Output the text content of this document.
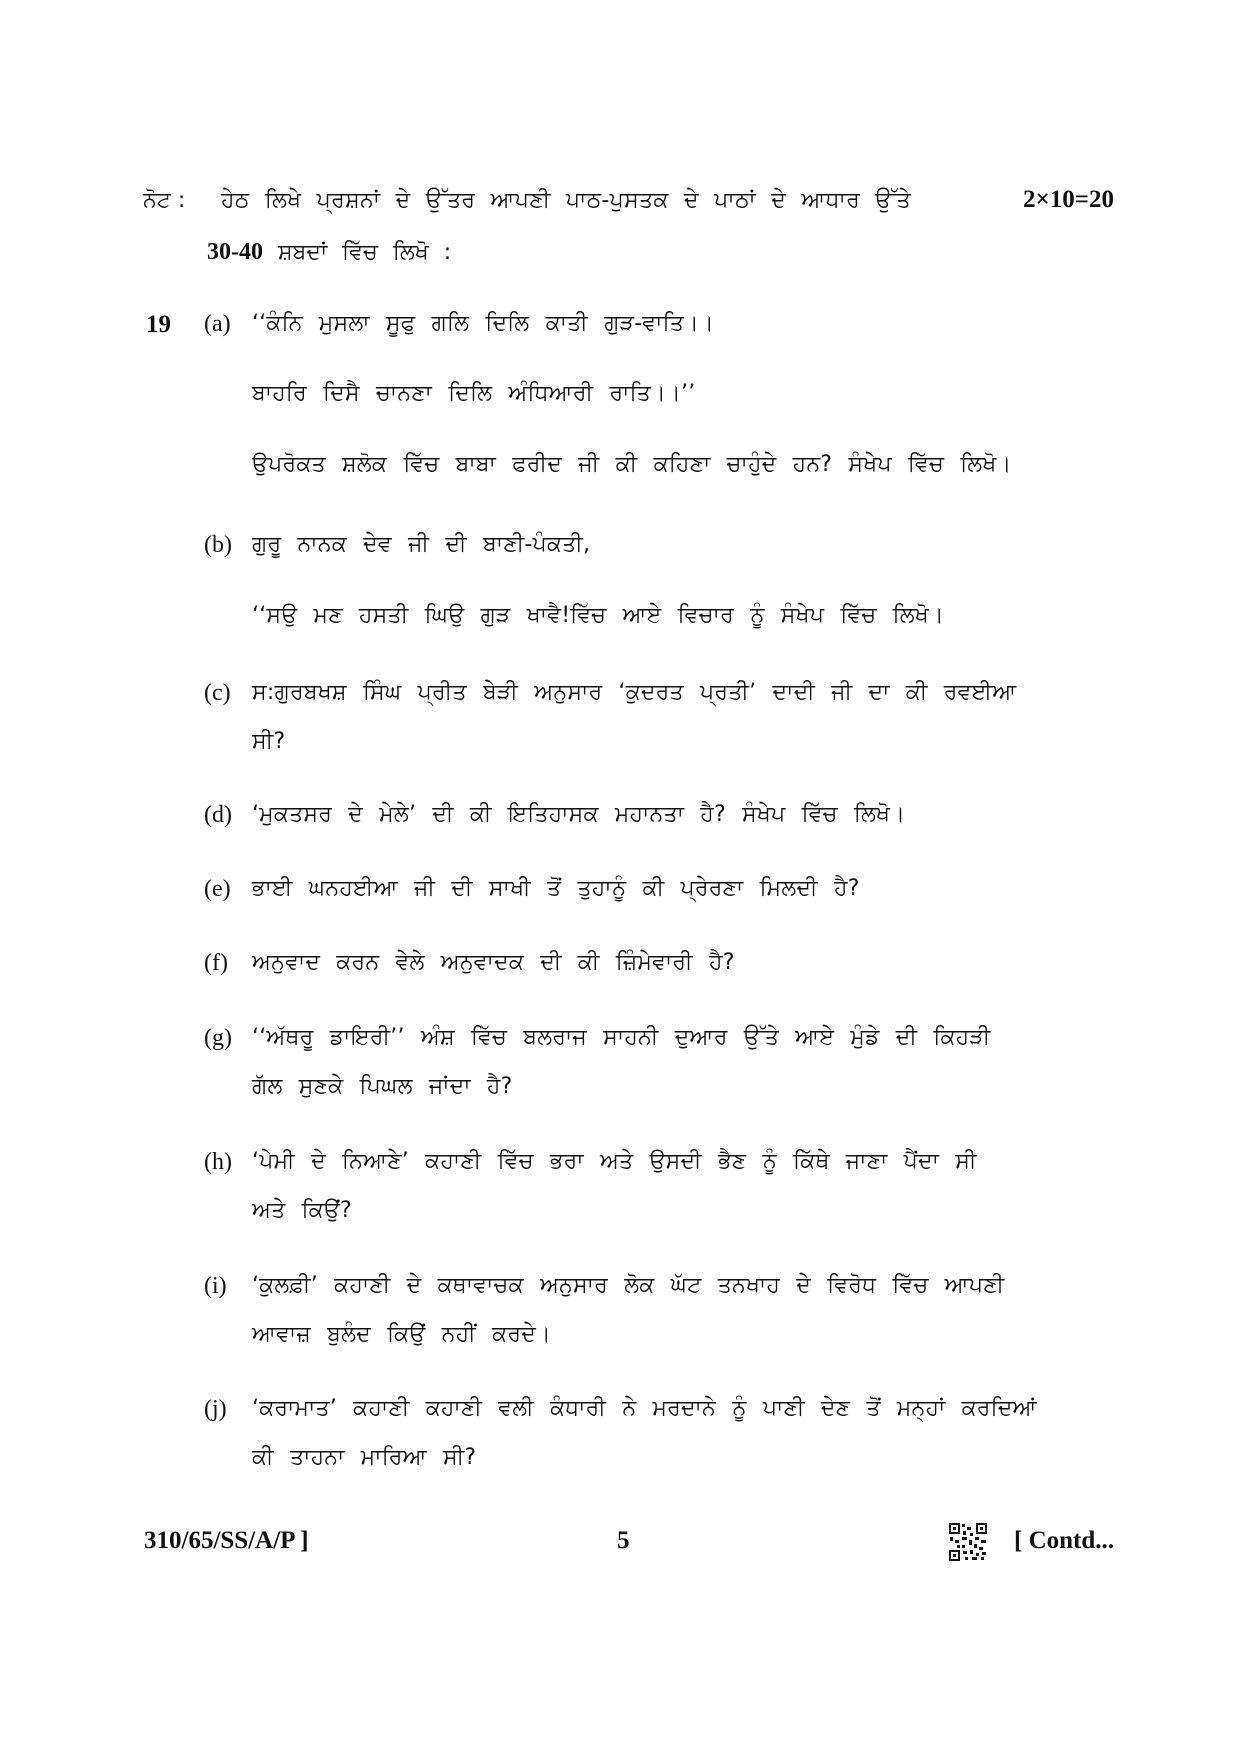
ਨੋਟ : ਹੇਠ ਲਿਖੇ ਪ੍ਰਸ਼ਨਾਂ ਦੇ ਉੱਤਰ ਆਪਣੀ ਪਾਠ-ਪੁਸਤਕ ਦੇ ਪਾਠਾਂ ਦੇ ਆਧਾਰ ਉੱਤੇ	2×10=20
30-40 ਸ਼ਬਦਾਂ ਵਿੱਚ ਲਿਖੋ :
19 (a) ‘‘ਕੰਨਿ ਮੁਸਲਾ ਸੂਫੁ ਗਲਿ ਦਿਲਿ ਕਾਤੀ ਗੁੜ-ਵਾਤਿ।।
ਬਾਹਰਿ ਦਿਸੈ ਚਾਨਣਾ ਦਿਲਿ ਅੰਧਿਆਰੀ ਰਾਤਿ।।’’
ਉਪਰੋਕਤ ਸ਼ਲੋਕ ਵਿੱਚ ਬਾਬਾ ਫਰੀਦ ਜੀ ਕੀ ਕਹਿਣਾ ਚਾਹੁੰਦੇ ਹਨ? ਸੰਖੇਪ ਵਿੱਚ ਲਿਖੋ।
(b) ਗੁਰੂ ਨਾਨਕ ਦੇਵ ਜੀ ਦੀ ਬਾਣੀ-ਪੰਕਤੀ,
‘‘ਸਉ ਮਣ ਹਸਤੀ ਘਿਉ ਗੁੜ ਖਾਵੈ!ਵਿੱਚ ਆਏ ਵਿਚਾਰ ਨੂੰ ਸੰਖੇਪ ਵਿੱਚ ਲਿਖੋ।
(c) ਸ:ਗੁਰਬਖਸ਼ ਸਿੰਘ ਪ੍ਰੀਤ ਬੇੜੀ ਅਨੁਸਾਰ ‘ਕੁਦਰਤ ਪ੍ਰਤੀ’ ਦਾਦੀ ਜੀ ਦਾ ਕੀ ਰਵਈਆ
ਸੀ?
(d) ‘ਮੁਕਤਸਰ ਦੇ ਮੇਲੇ’ ਦੀ ਕੀ ਇਤਿਹਾਸਕ ਮਹਾਨਤਾ ਹੈ? ਸੰਖੇਪ ਵਿੱਚ ਲਿਖੋ।
(e) ਭਾਈ ਘਨਹਈਆ ਜੀ ਦੀ ਸਾਖੀ ਤੋਂ ਤੁਹਾਨੂੰ ਕੀ ਪ੍ਰੇਰਣਾ ਮਿਲਦੀ ਹੈ?
(f) ਅਨੁਵਾਦ ਕਰਨ ਵੇਲੇ ਅਨੁਵਾਦਕ ਦੀ ਕੀ ਜ਼ਿੰਮੇਵਾਰੀ ਹੈ?
(g) ‘‘ਅੱਥਰੂ ਡਾਇਰੀ’’ ਅੰਸ਼ ਵਿੱਚ ਬਲਰਾਜ ਸਾਹਨੀ ਦੁਆਰ ਉੱਤੇ ਆਏ ਮੁੰਡੇ ਦੀ ਕਿਹੜੀ
ਗੱਲ ਸੁਣਕੇ ਪਿਘਲ ਜਾਂਦਾ ਹੈ?
(h) ‘ਪੇਮੀ ਦੇ ਨਿਆਣੇ’ ਕਹਾਣੀ ਵਿੱਚ ਭਰਾ ਅਤੇ ਉਸਦੀ ਭੈਣ ਨੂੰ ਕਿੱਥੇ ਜਾਣਾ ਪੈਂਦਾ ਸੀ
ਅਤੇ ਕਿਉਂ?
(i) ‘ਕੁਲਫ਼ੀ’ ਕਹਾਣੀ ਦੇ ਕਥਾਵਾਚਕ ਅਨੁਸਾਰ ਲੋਕ ਘੱਟ ਤਨਖਾਹ ਦੇ ਵਿਰੋਧ ਵਿੱਚ ਆਪਣੀ
ਆਵਾਜ਼ ਬੁਲੰਦ ਕਿਉਂ ਨਹੀਂ ਕਰਦੇ।
(j) ‘ਕਰਾਮਾਤ’ ਕਹਾਣੀ ਕਹਾਣੀ ਵਲੀ ਕੰਧਾਰੀ ਨੇ ਮਰਦਾਨੇ ਨੂੰ ਪਾਣੀ ਦੇਣ ਤੋਂ ਮਨ੍ਹਾਂ ਕਰਦਿਆਂ
ਕੀ ਤਾਹਨਾ ਮਾਰਿਆ ਸੀ?
310/65/SS/A/P ]	5	[ Contd...
